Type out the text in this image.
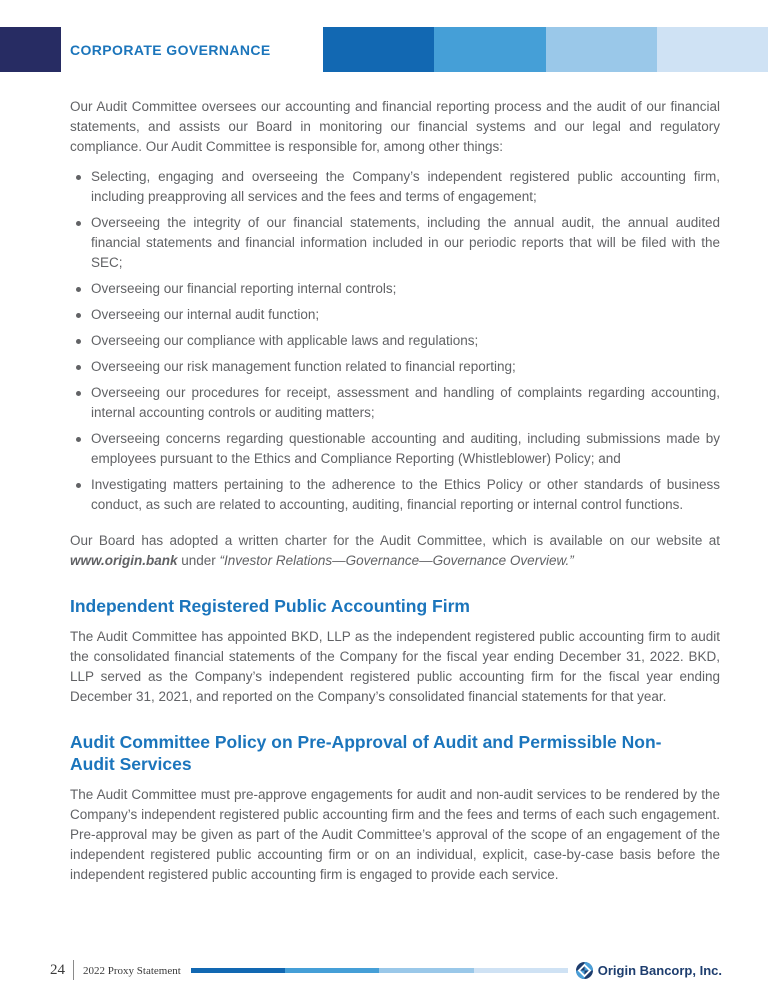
CORPORATE GOVERNANCE

Our Audit Committee oversees our accounting and financial reporting process and the audit of our financial statements, and assists our Board in monitoring our financial systems and our legal and regulatory compliance. Our Audit Committee is responsible for, among other things:

Selecting, engaging and overseeing the Company’s independent registered public accounting firm, including preapproving all services and the fees and terms of engagement;
Overseeing the integrity of our financial statements, including the annual audit, the annual audited financial statements and financial information included in our periodic reports that will be filed with the SEC;
Overseeing our financial reporting internal controls;
Overseeing our internal audit function;
Overseeing our compliance with applicable laws and regulations;
Overseeing our risk management function related to financial reporting;
Overseeing our procedures for receipt, assessment and handling of complaints regarding accounting, internal accounting controls or auditing matters;
Overseeing concerns regarding questionable accounting and auditing, including submissions made by employees pursuant to the Ethics and Compliance Reporting (Whistleblower) Policy; and
Investigating matters pertaining to the adherence to the Ethics Policy or other standards of business conduct, as such are related to accounting, auditing, financial reporting or internal control functions.

Our Board has adopted a written charter for the Audit Committee, which is available on our website at www.origin.bank under “Investor Relations—Governance—Governance Overview.”

Independent Registered Public Accounting Firm

The Audit Committee has appointed BKD, LLP as the independent registered public accounting firm to audit the consolidated financial statements of the Company for the fiscal year ending December 31, 2022. BKD, LLP served as the Company’s independent registered public accounting firm for the fiscal year ending December 31, 2021, and reported on the Company’s consolidated financial statements for that year.

Audit Committee Policy on Pre-Approval of Audit and Permissible Non-Audit Services

The Audit Committee must pre-approve engagements for audit and non-audit services to be rendered by the Company’s independent registered public accounting firm and the fees and terms of each such engagement. Pre-approval may be given as part of the Audit Committee’s approval of the scope of an engagement of the independent registered public accounting firm or on an individual, explicit, case-by-case basis before the independent registered public accounting firm is engaged to provide each service.

24 2022 Proxy Statement	Origin Bancorp, Inc.
